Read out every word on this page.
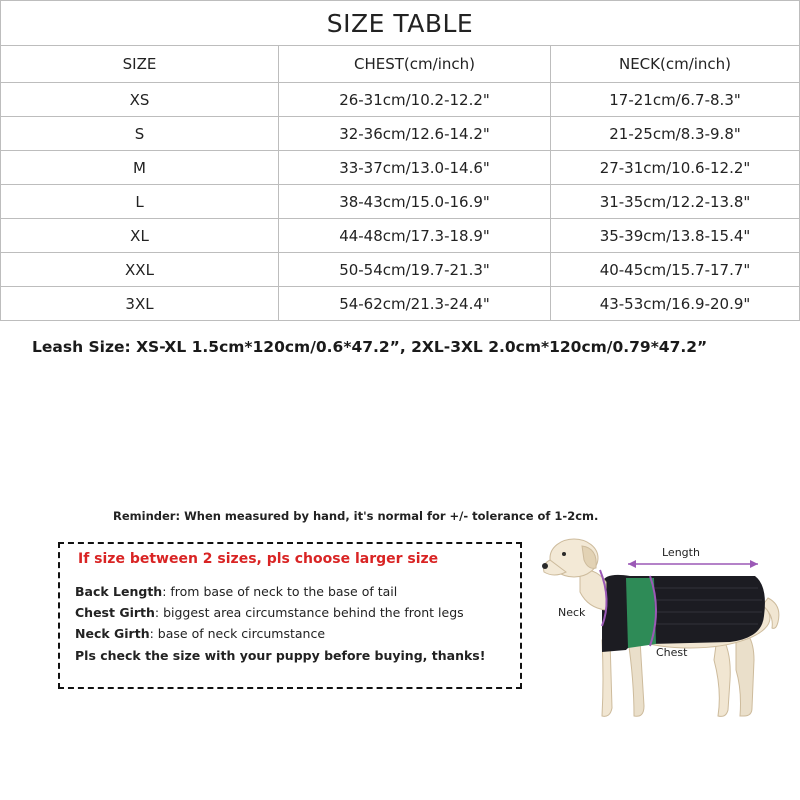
SIZE TABLE		
SIZE	CHEST(cm/inch)	NECK(cm/inch)
XS	26-31cm/10.2-12.2"	17-21cm/6.7-8.3"
S	32-36cm/12.6-14.2"	21-25cm/8.3-9.8"
M	33-37cm/13.0-14.6"	27-31cm/10.6-12.2"
L	38-43cm/15.0-16.9"	31-35cm/12.2-13.8"
XL	44-48cm/17.3-18.9"	35-39cm/13.8-15.4"
XXL	50-54cm/19.7-21.3"	40-45cm/15.7-17.7"
3XL	54-62cm/21.3-24.4"	43-53cm/16.9-20.9"
Leash Size: XS-XL 1.5cm*120cm/0.6*47.2”, 2XL-3XL 2.0cm*120cm/0.79*47.2”
Reminder: When measured by hand, it's normal for +/- tolerance of 1-2cm.
If size between 2 sizes, pls choose larger size
Back Length: from base of neck to the base of tail
Chest Girth: biggest area circumstance behind the front legs
Neck Girth: base of neck circumstance
Pls check the size with your puppy before buying, thanks!
Length
Neck
Chest
